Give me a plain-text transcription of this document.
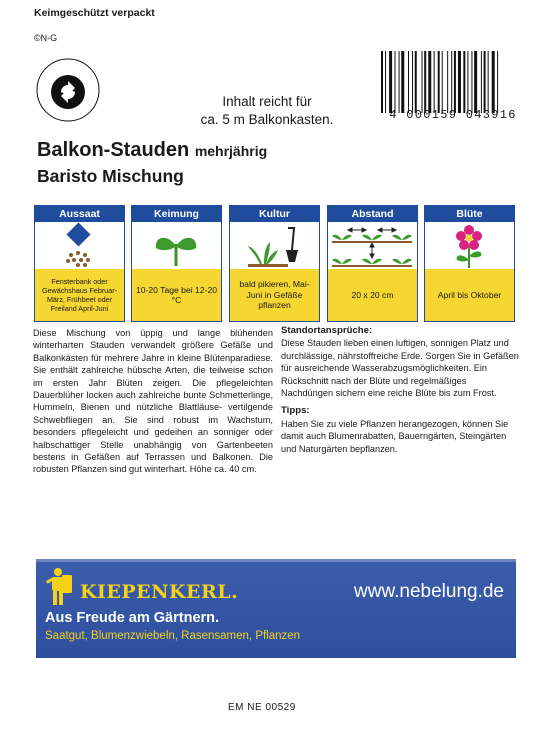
Keimgeschützt verpackt
©N-G
Inhalt reicht für
ca. 5 m Balkonkasten.	4 000159 043916
Balkon-Stauden mehrjährig
Baristo Mischung
Aussaat
Fensterbank oder Gewächshaus Februar-März, Frühbeet oder Freiland April-Juni
Keimung
10-20 Tage bei 12-20 °C
Kultur
bald pikieren, Mai-Juni in Gefäße pflanzen
Abstand
20 x 20 cm
Blüte
April bis Oktober
Diese Mischung von üppig und lange blühenden winterharten Stauden verwandelt größere Gefäße und Balkonkästen für mehrere Jahre in kleine Blütenparadiese. Sie enthält zahlreiche hübsche Arten, die teilweise schon im ersten Jahr Blüten zeigen. Die pflegeleichten Dauerblüher locken auch zahlreiche bunte Schmetterlinge, Hummeln, Bienen und nützliche Blattläuse- vertilgende Schwebfliegen an. Sie sind robust im Wachstum, besonders pflegeleicht und gedeihen an sonniger oder halbschattiger Stelle unabhängig von Gartenbeeten bestens in Gefäßen auf Terrassen und Balkonen. Die robusten Pflanzen sind gut winterhart. Höhe ca. 40 cm.
Standortansprüche:

Diese Stauden lieben einen luftigen, sonnigen Platz und durchlässige, nährstoffreiche Erde. Sorgen Sie in Gefäßen für ausreichende Wasserabzugsmöglichkeiten. Ein Rückschnitt nach der Blüte und regelmäßiges Nachdüngen sichern eine reiche Blüte bis zum Frost.

Tipps:

Haben Sie zu viele Pflanzen herangezogen, können Sie damit auch Blumenrabatten, Bauerngärten, Steingärten und Naturgärten bepflanzen.

KIEPENKERL.	www.nebelung.de
Aus Freude am Gärtnern.
Saatgut, Blumenzwiebeln, Rasensamen, Pflanzen
EM NE 00529
